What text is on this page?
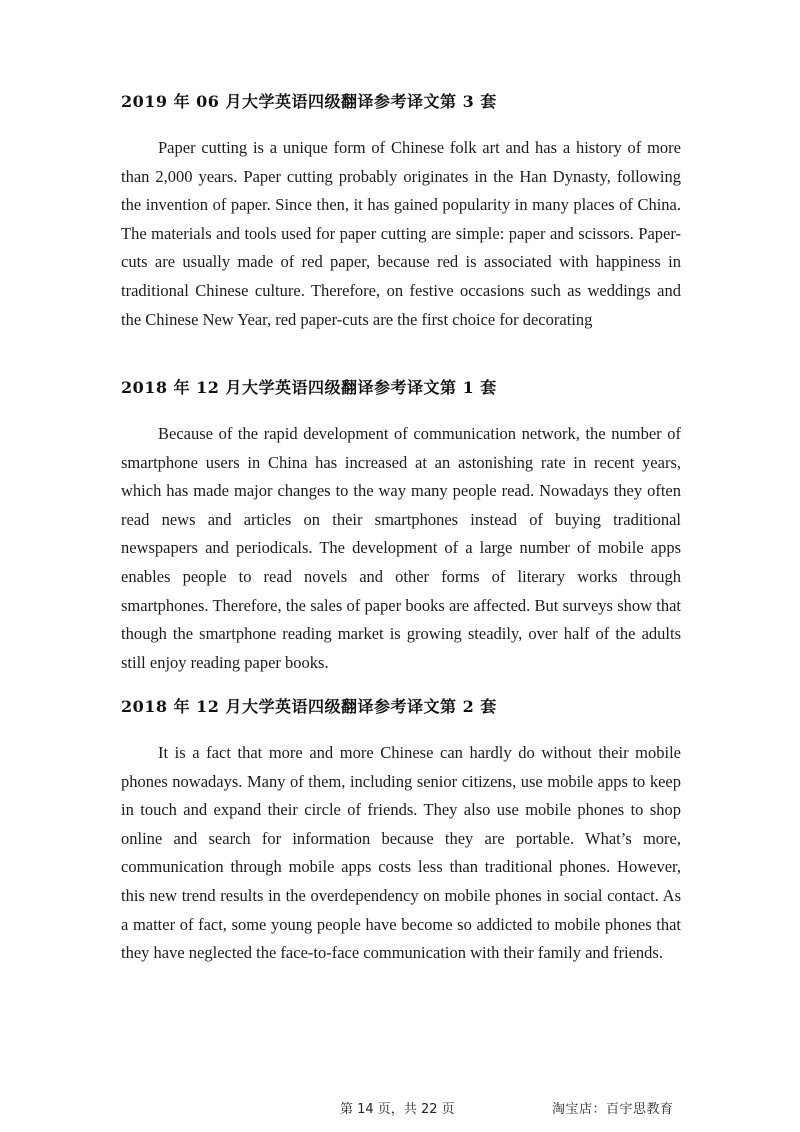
2019 年 06 月大学英语四级翻译参考译文第 3 套

Paper cutting is a unique form of Chinese folk art and has a history of more than 2,000 years. Paper cutting probably originates in the Han Dynasty, following the invention of paper. Since then, it has gained popularity in many places of China. The materials and tools used for paper cutting are simple: paper and scissors. Paper-cuts are usually made of red paper, because red is associated with happiness in traditional Chinese culture. Therefore, on festive occasions such as weddings and the Chinese New Year, red paper-cuts are the first choice for decorating

2018 年 12 月大学英语四级翻译参考译文第 1 套

Because of the rapid development of communication network, the number of smartphone users in China has increased at an astonishing rate in recent years, which has made major changes to the way many people read. Nowadays they often read news and articles on their smartphones instead of buying traditional newspapers and periodicals. The development of a large number of mobile apps enables people to read novels and other forms of literary works through smartphones. Therefore, the sales of paper books are affected. But surveys show that though the smartphone reading market is growing steadily, over half of the adults still enjoy reading paper books.

2018 年 12 月大学英语四级翻译参考译文第 2 套

It is a fact that more and more Chinese can hardly do without their mobile phones nowadays. Many of them, including senior citizens, use mobile apps to keep in touch and expand their circle of friends. They also use mobile phones to shop online and search for information because they are portable. What’s more, communication through mobile apps costs less than traditional phones. However, this new trend results in the overdependency on mobile phones in social contact. As a matter of fact, some young people have become so addicted to mobile phones that they have neglected the face-to-face communication with their family and friends.

第 14 页，共 22 页	淘宝店：百宇思教育
